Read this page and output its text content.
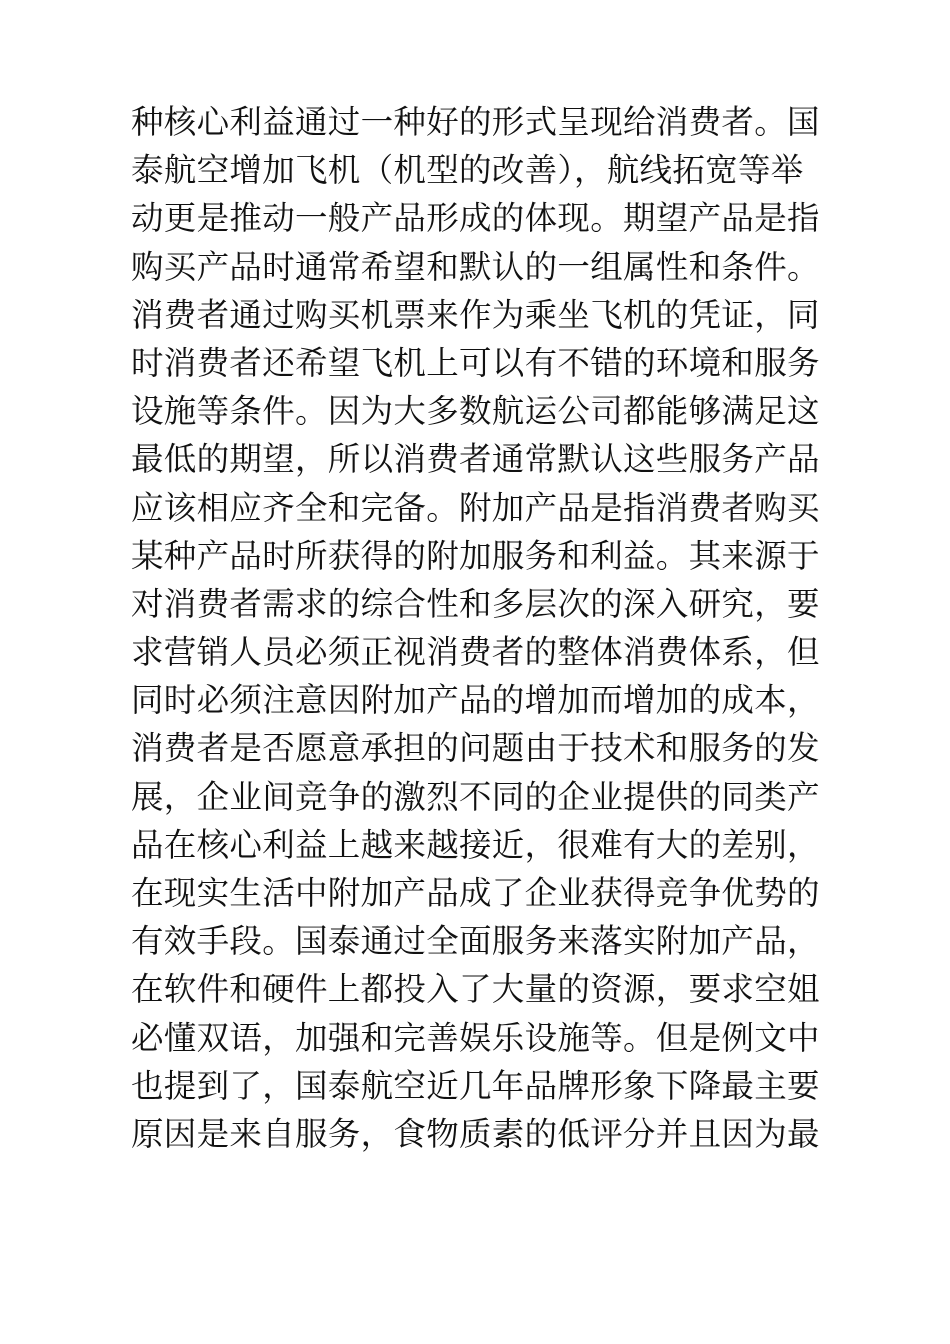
种核心利益通过一种好的形式呈现给消费者。国
泰航空增加飞机（机型的改善），航线拓宽等举
动更是推动一般产品形成的体现。期望产品是指
购买产品时通常希望和默认的一组属性和条件。
消费者通过购买机票来作为乘坐飞机的凭证，同
时消费者还希望飞机上可以有不错的环境和服务
设施等条件。因为大多数航运公司都能够满足这
最低的期望，所以消费者通常默认这些服务产品
应该相应齐全和完备。附加产品是指消费者购买
某种产品时所获得的附加服务和利益。其来源于
对消费者需求的综合性和多层次的深入研究，要
求营销人员必须正视消费者的整体消费体系，但
同时必须注意因附加产品的增加而增加的成本，
消费者是否愿意承担的问题由于技术和服务的发
展，企业间竞争的激烈不同的企业提供的同类产
品在核心利益上越来越接近，很难有大的差别，
在现实生活中附加产品成了企业获得竞争优势的
有效手段。国泰通过全面服务来落实附加产品，
在软件和硬件上都投入了大量的资源，要求空姐
必懂双语，加强和完善娱乐设施等。但是例文中
也提到了，国泰航空近几年品牌形象下降最主要
原因是来自服务，食物质素的低评分并且因为最
